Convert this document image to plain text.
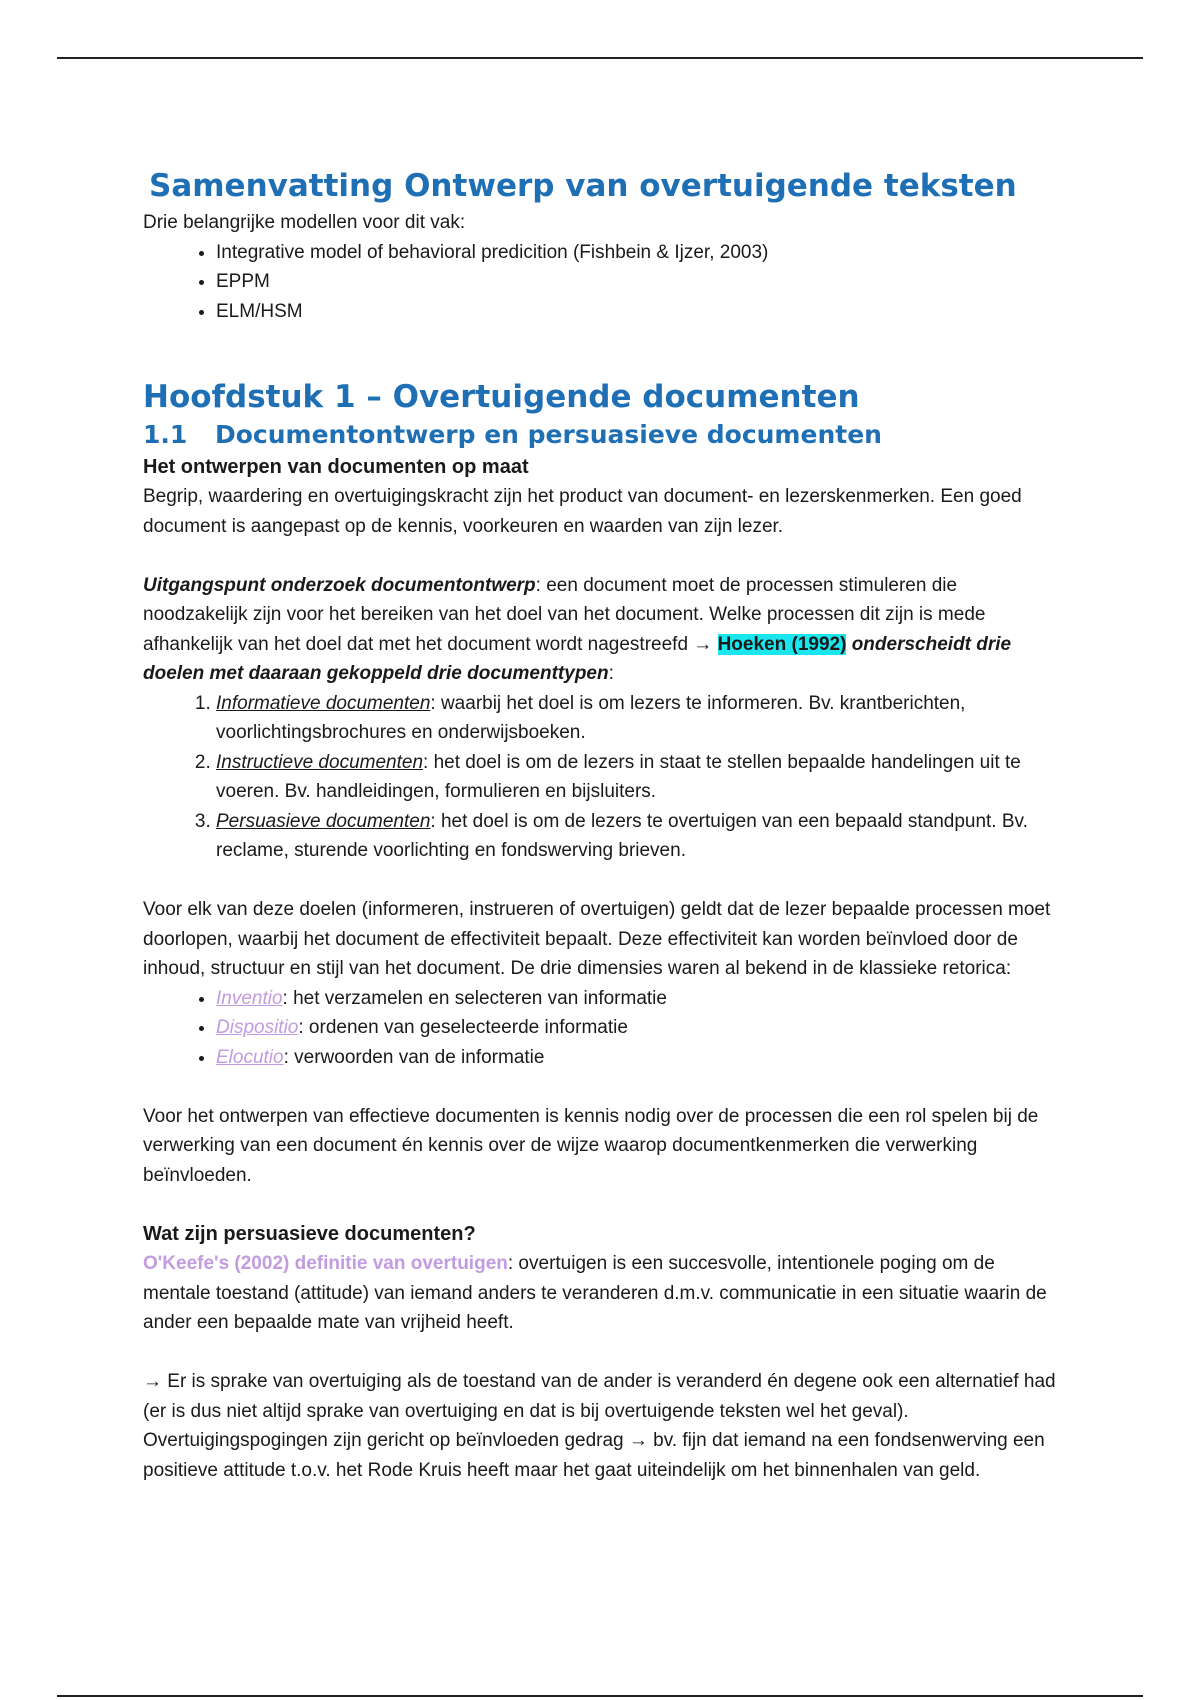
Samenvatting Ontwerp van overtuigende teksten

Drie belangrijke modellen voor dit vak:

• Integrative model of behavioral predicition (Fishbein & Ijzer, 2003)
• EPPM
• ELM/HSM
Hoofdstuk 1 – Overtuigende documenten
1.1 Documentontwerp en persuasieve documenten
Het ontwerpen van documenten op maat

Begrip, waardering en overtuigingskracht zijn het product van document- en lezerskenmerken. Een goed document is aangepast op de kennis, voorkeuren en waarden van zijn lezer.

Uitgangspunt onderzoek documentontwerp: een document moet de processen stimuleren die noodzakelijk zijn voor het bereiken van het doel van het document. Welke processen dit zijn is mede afhankelijk van het doel dat met het document wordt nagestreefd → Hoeken (1992) onderscheidt drie doelen met daaraan gekoppeld drie documenttypen:

1. Informatieve documenten: waarbij het doel is om lezers te informeren. Bv. krantberichten, voorlichtingsbrochures en onderwijsboeken.
2. Instructieve documenten: het doel is om de lezers in staat te stellen bepaalde handelingen uit te voeren. Bv. handleidingen, formulieren en bijsluiters.
3. Persuasieve documenten: het doel is om de lezers te overtuigen van een bepaald standpunt. Bv. reclame, sturende voorlichting en fondswerving brieven.

Voor elk van deze doelen (informeren, instrueren of overtuigen) geldt dat de lezer bepaalde processen moet doorlopen, waarbij het document de effectiviteit bepaalt. Deze effectiviteit kan worden beïnvloed door de inhoud, structuur en stijl van het document. De drie dimensies waren al bekend in de klassieke retorica:

• Inventio: het verzamelen en selecteren van informatie
• Dispositio: ordenen van geselecteerde informatie
• Elocutio: verwoorden van de informatie

Voor het ontwerpen van effectieve documenten is kennis nodig over de processen die een rol spelen bij de verwerking van een document én kennis over de wijze waarop documentkenmerken die verwerking beïnvloeden.

Wat zijn persuasieve documenten?

O'Keefe's (2002) definitie van overtuigen: overtuigen is een succesvolle, intentionele poging om de mentale toestand (attitude) van iemand anders te veranderen d.m.v. communicatie in een situatie waarin de ander een bepaalde mate van vrijheid heeft.

→ Er is sprake van overtuiging als de toestand van de ander is veranderd én degene ook een alternatief had (er is dus niet altijd sprake van overtuiging en dat is bij overtuigende teksten wel het geval). Overtuigingspogingen zijn gericht op beïnvloeden gedrag → bv. fijn dat iemand na een fondsenwerving een positieve attitude t.o.v. het Rode Kruis heeft maar het gaat uiteindelijk om het binnenhalen van geld.
